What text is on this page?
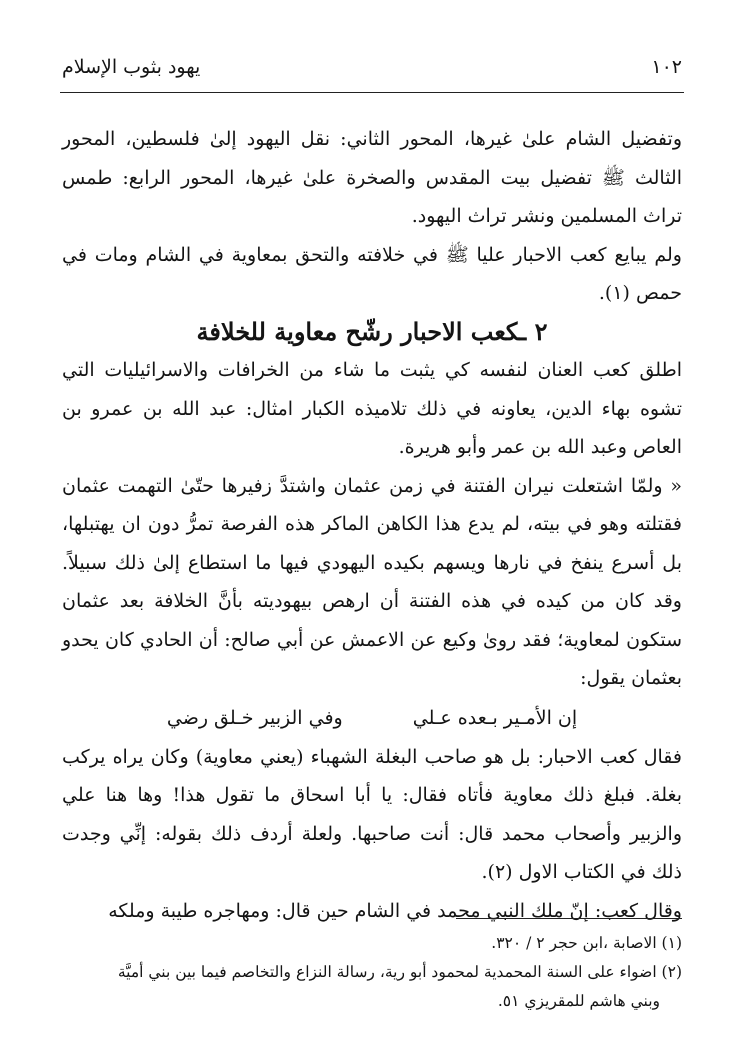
١٠٢
يهود بثوب الإسلام

وتفضيل الشام علىٰ غيرها، المحور الثاني: نقل اليهود إلىٰ فلسطين، المحور الثالث ﷺ تفضيل بيت المقدس والصخرة علىٰ غيرها، المحور الرابع: طمس تراث المسلمين ونشر تراث اليهود.

ولم يبايع كعب الاحبار عليا ﷺ في خلافته والتحق بمعاوية في الشام ومات في حمص (١).

٢ ـكعب الاحبار رشّح معاوية للخلافة

اطلق كعب العنان لنفسه كي يثبت ما شاء من الخرافات والاسرائيليات التي تشوه بهاء الدين، يعاونه في ذلك تلاميذه الكبار امثال: عبد الله بن عمرو بن العاص وعبد الله بن عمر وأبو هريرة.

« ولمّا اشتعلت نيران الفتنة في زمن عثمان واشتدَّ زفيرها حتّىٰ التهمت عثمان فقتلته وهو في بيته، لم يدع هذا الكاهن الماكر هذه الفرصة تمرُّ دون ان يهتبلها، بل أسرع ينفخ في نارها ويسهم بكيده اليهودي فيها ما استطاع إلىٰ ذلك سبيلاً. وقد كان من كيده في هذه الفتنة أن ارهص بيهوديته بأنَّ الخلافة بعد عثمان ستكون لمعاوية؛ فقد روىٰ وكيع عن الاعمش عن أبي صالح: أن الحادي كان يحدو بعثمان يقول:

إن الأمـير بـعده عـلي
وفي الزبير خـلق رضي

فقال كعب الاحبار: بل هو صاحب البغلة الشهباء (يعني معاوية) وكان يراه يركب بغلة. فبلغ ذلك معاوية فأتاه فقال: يا أبا اسحاق ما تقول هذا! وها هنا علي والزبير وأصحاب محمد قال: أنت صاحبها. ولعلة أردف ذلك بقوله: إنِّي وجدت ذلك في الكتاب الاول (٢).

وقال كعب: إنّ ملك النبي محمد في الشام حين قال: ومهاجره طيبة وملكه

(١) الاصابة ،ابن حجر ٢ / ٣٢٠.

(٢) اضواء على السنة المحمدية لمحمود أبو رية، رسالة النزاع والتخاصم فيما بين بني أميَّة

وبني هاشم للمقريزي ٥١.
